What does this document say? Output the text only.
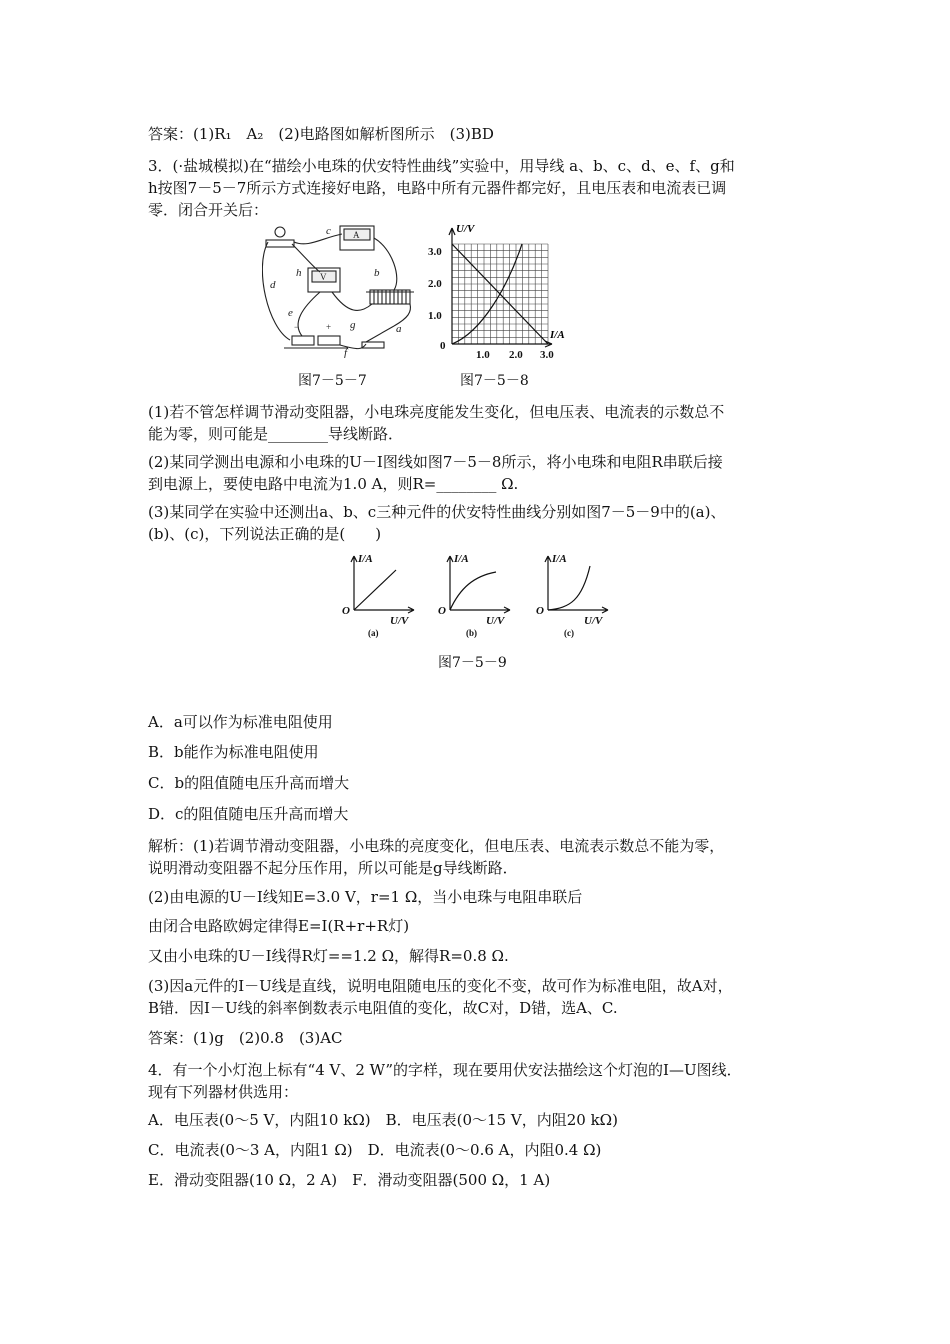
答案：(1)R₁　A₂　(2)电路图如解析图所示　(3)BD
3．(·盐城模拟)在“描绘小电珠的伏安特性曲线”实验中，用导线 a、b、c、d、e、f、g和
h按图7－5－7所示方式连接好电路，电路中所有元器件都完好，且电压表和电流表已调
零．闭合开关后：
A
V
c
h
d
b
e
g	a
f
−	+
U/V
I/A
3.0
2.0
1.0
0
1.0 2.0 3.0
图7－5－7	图7－5－8
(1)若不管怎样调节滑动变阻器，小电珠亮度能发生变化，但电压表、电流表的示数总不
能为零，则可能是________导线断路．
(2)某同学测出电源和小电珠的U－I图线如图7－5－8所示，将小电珠和电阻R串联后接
到电源上，要使电路中电流为1.0 A，则R=________ Ω.
(3)某同学在实验中还测出a、b、c三种元件的伏安特性曲线分别如图7－5－9中的(a)、
(b)、(c)，下列说法正确的是(　　)
I/A
U/V
O
I/A
U/V
O
I/A
U/V
O
(a)	(b)	(c)
图7－5－9
A．a可以作为标准电阻使用
B．b能作为标准电阻使用
C．b的阻值随电压升高而增大
D．c的阻值随电压升高而增大
解析：(1)若调节滑动变阻器，小电珠的亮度变化，但电压表、电流表示数总不能为零，
说明滑动变阻器不起分压作用，所以可能是g导线断路．
(2)由电源的U－I线知E=3.0 V，r=1 Ω，当小电珠与电阻串联后
由闭合电路欧姆定律得E=I(R+r+R灯)
又由小电珠的U－I线得R灯==1.2 Ω，解得R=0.8 Ω.
(3)因a元件的I－U线是直线，说明电阻随电压的变化不变，故可作为标准电阻，故A对，
B错．因I－U线的斜率倒数表示电阻值的变化，故C对，D错，选A、C.
答案：(1)g　(2)0.8　(3)AC
4．有一个小灯泡上标有“4 V、2 W”的字样，现在要用伏安法描绘这个灯泡的I—U图线．
现有下列器材供选用：
A．电压表(0～5 V，内阻10 kΩ)　B．电压表(0～15 V，内阻20 kΩ)
C．电流表(0～3 A，内阻1 Ω)　D．电流表(0～0.6 A，内阻0.4 Ω)
E．滑动变阻器(10 Ω，2 A)　F．滑动变阻器(500 Ω，1 A)
